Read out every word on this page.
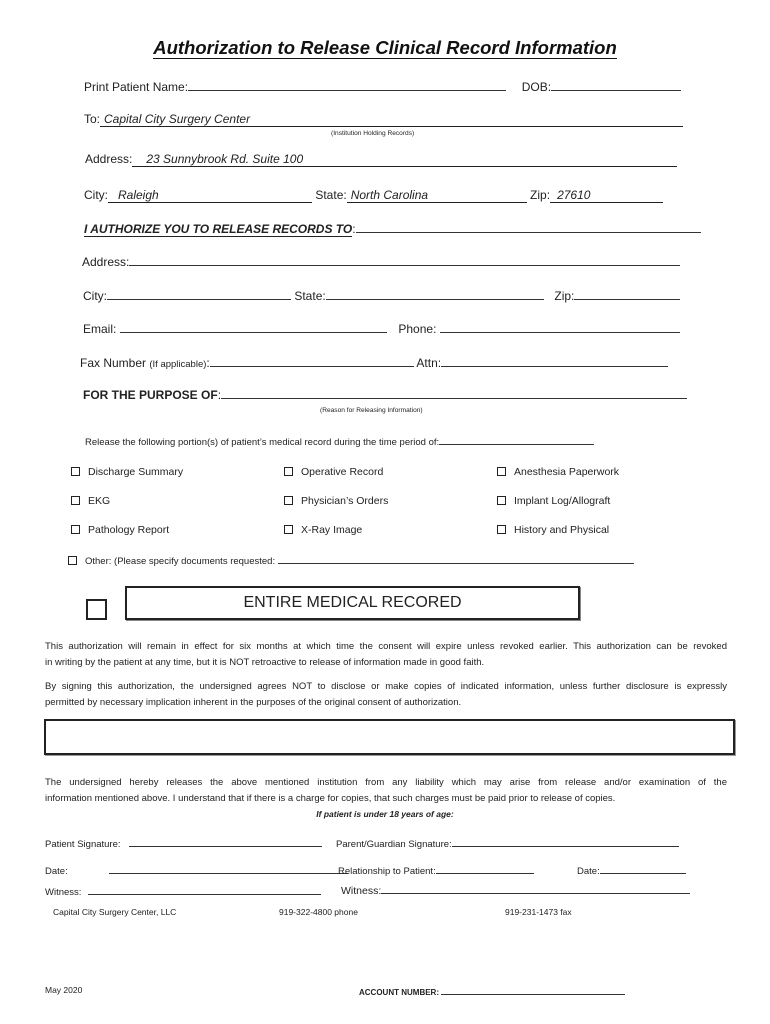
Authorization to Release Clinical Record Information
Print Patient Name:	DOB:
To: Capital City Surgery Center
(Institution Holding Records)
Address: 23 Sunnybrook Rd. Suite 100
City: Raleigh	State: North Carolina	Zip: 27610
I AUTHORIZE YOU TO RELEASE RECORDS TO:
Address:
City:	State:	Zip:
Email:	Phone:
Fax Number (If applicable):	Attn:
FOR THE PURPOSE OF:
(Reason for Releasing Information)
Release the following portion(s) of patient’s medical record during the time period of:
Discharge Summary	Operative Record	Anesthesia Paperwork
EKG	Physician’s Orders	Implant Log/Allograft
Pathology Report	X-Ray Image	History and Physical
Other: (Please specify documents requested:
ENTIRE MEDICAL RECORED
This authorization will remain in effect for six months at which time the consent will expire unless revoked earlier. This authorization can be revoked
in writing by the patient at any time, but it is NOT retroactive to release of information made in good faith.
By signing this authorization, the undersigned agrees NOT to disclose or make copies of indicated information, unless further disclosure is expressly
permitted by necessary implication inherent in the purposes of the original consent of authorization.
The undersigned hereby releases the above mentioned institution from any liability which may arise from release and/or examination of the
information mentioned above. I understand that if there is a charge for copies, that such charges must be paid prior to release of copies.
If patient is under 18 years of age:
Patient Signature:	Parent/Guardian Signature:
Date:	Relationship to Patient:	Date:
Witness:	Witness:
Capital City Surgery Center, LLC	919-322-4800 phone	919-231-1473 fax
May 2020	ACCOUNT NUMBER:
